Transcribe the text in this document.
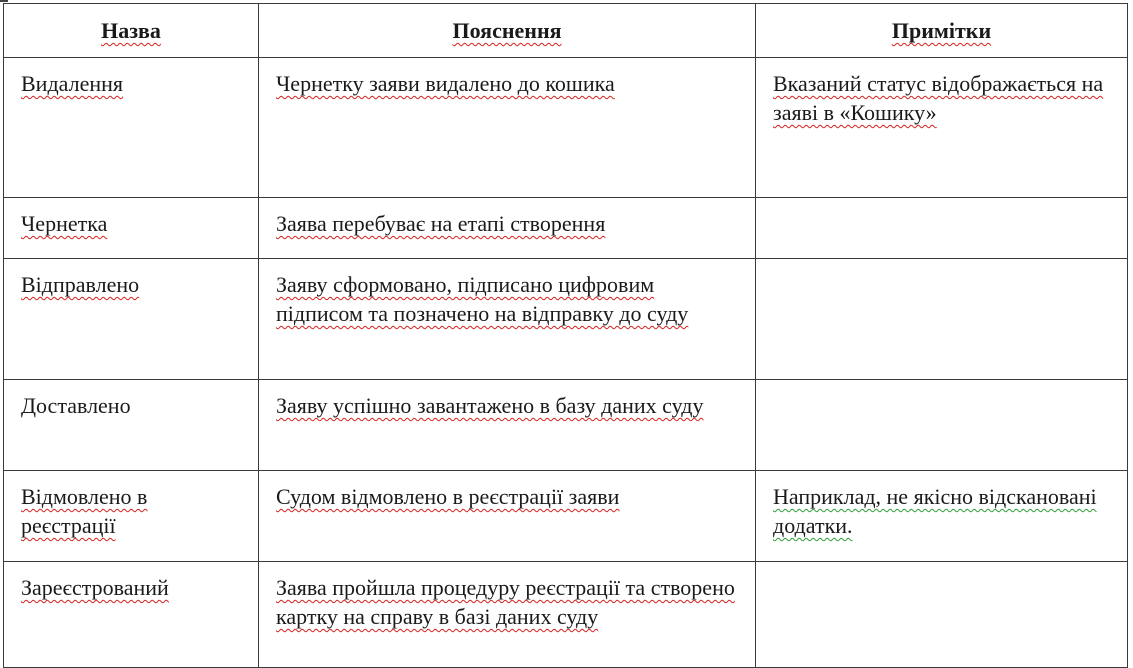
Назва	Пояснення	Примітки
Видалення	Чернетку заяви видалено до кошика	Вказаний статус відображається на заяві в «Кошику»
Чернетка	Заява перебуває на етапі створення	
Відправлено	Заяву сформовано, підписано цифровим підписом та позначено на відправку до суду	
Доставлено	Заяву успішно завантажено в базу даних суду	
Відмовлено в реєстрації	Судом відмовлено в реєстрації заяви	Наприклад, не якісно відскановані додатки.
Зареєстрований	Заява пройшла процедуру реєстрації та створено картку на справу в базі даних суду	
